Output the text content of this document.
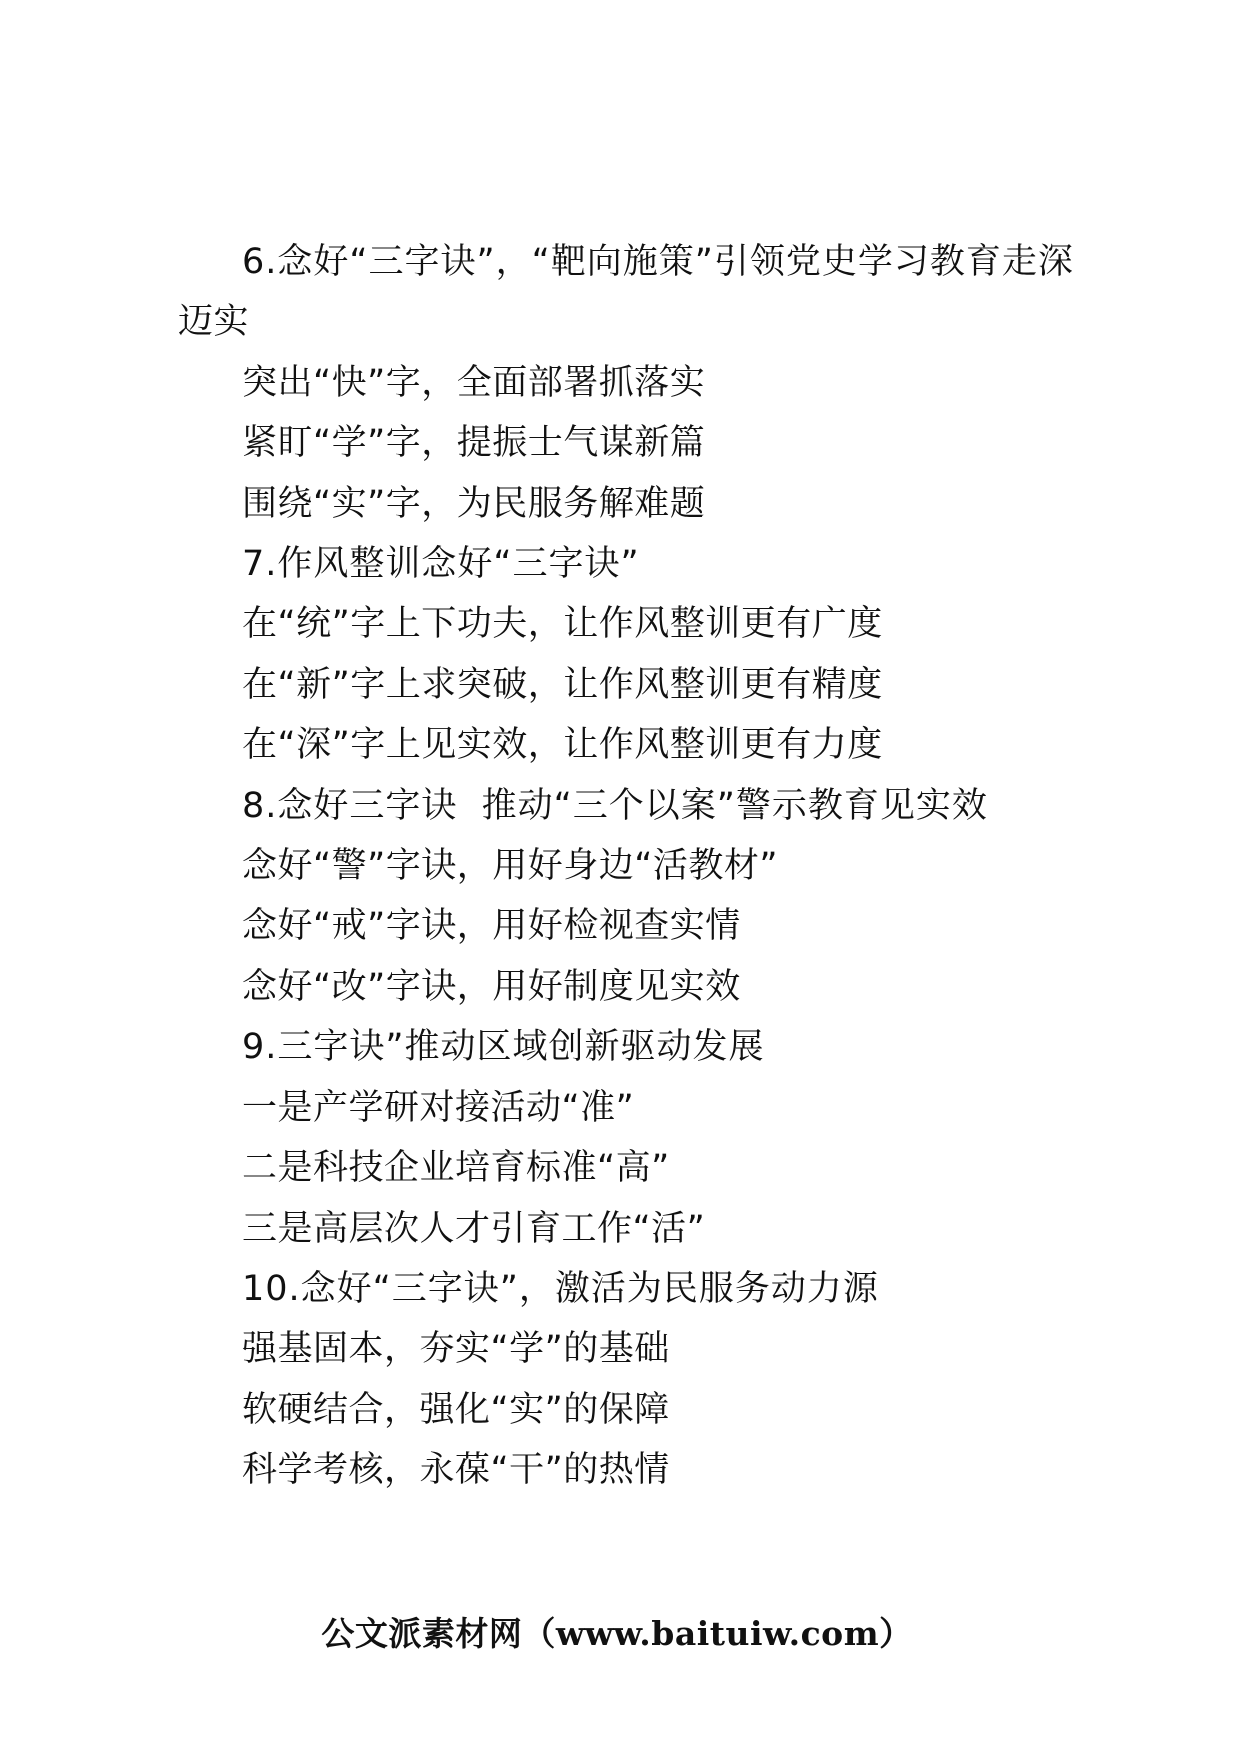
6.念好“三字诀”，“靶向施策”引领党史学习教育走深
迈实
突出“快”字，全面部署抓落实
紧盯“学”字，提振士气谋新篇
围绕“实”字，为民服务解难题
7.作风整训念好“三字诀”
在“统”字上下功夫，让作风整训更有广度
在“新”字上求突破，让作风整训更有精度
在“深”字上见实效，让作风整训更有力度
8.念好三字诀  推动“三个以案”警示教育见实效
念好“警”字诀，用好身边“活教材”
念好“戒”字诀，用好检视查实情
念好“改”字诀，用好制度见实效
9.三字诀”推动区域创新驱动发展
一是产学研对接活动“准”
二是科技企业培育标准“高”
三是高层次人才引育工作“活”
10.念好“三字诀”，激活为民服务动力源
强基固本，夯实“学”的基础
软硬结合，强化“实”的保障
科学考核，永葆“干”的热情
公文派素材网（www.baituiw.com）
